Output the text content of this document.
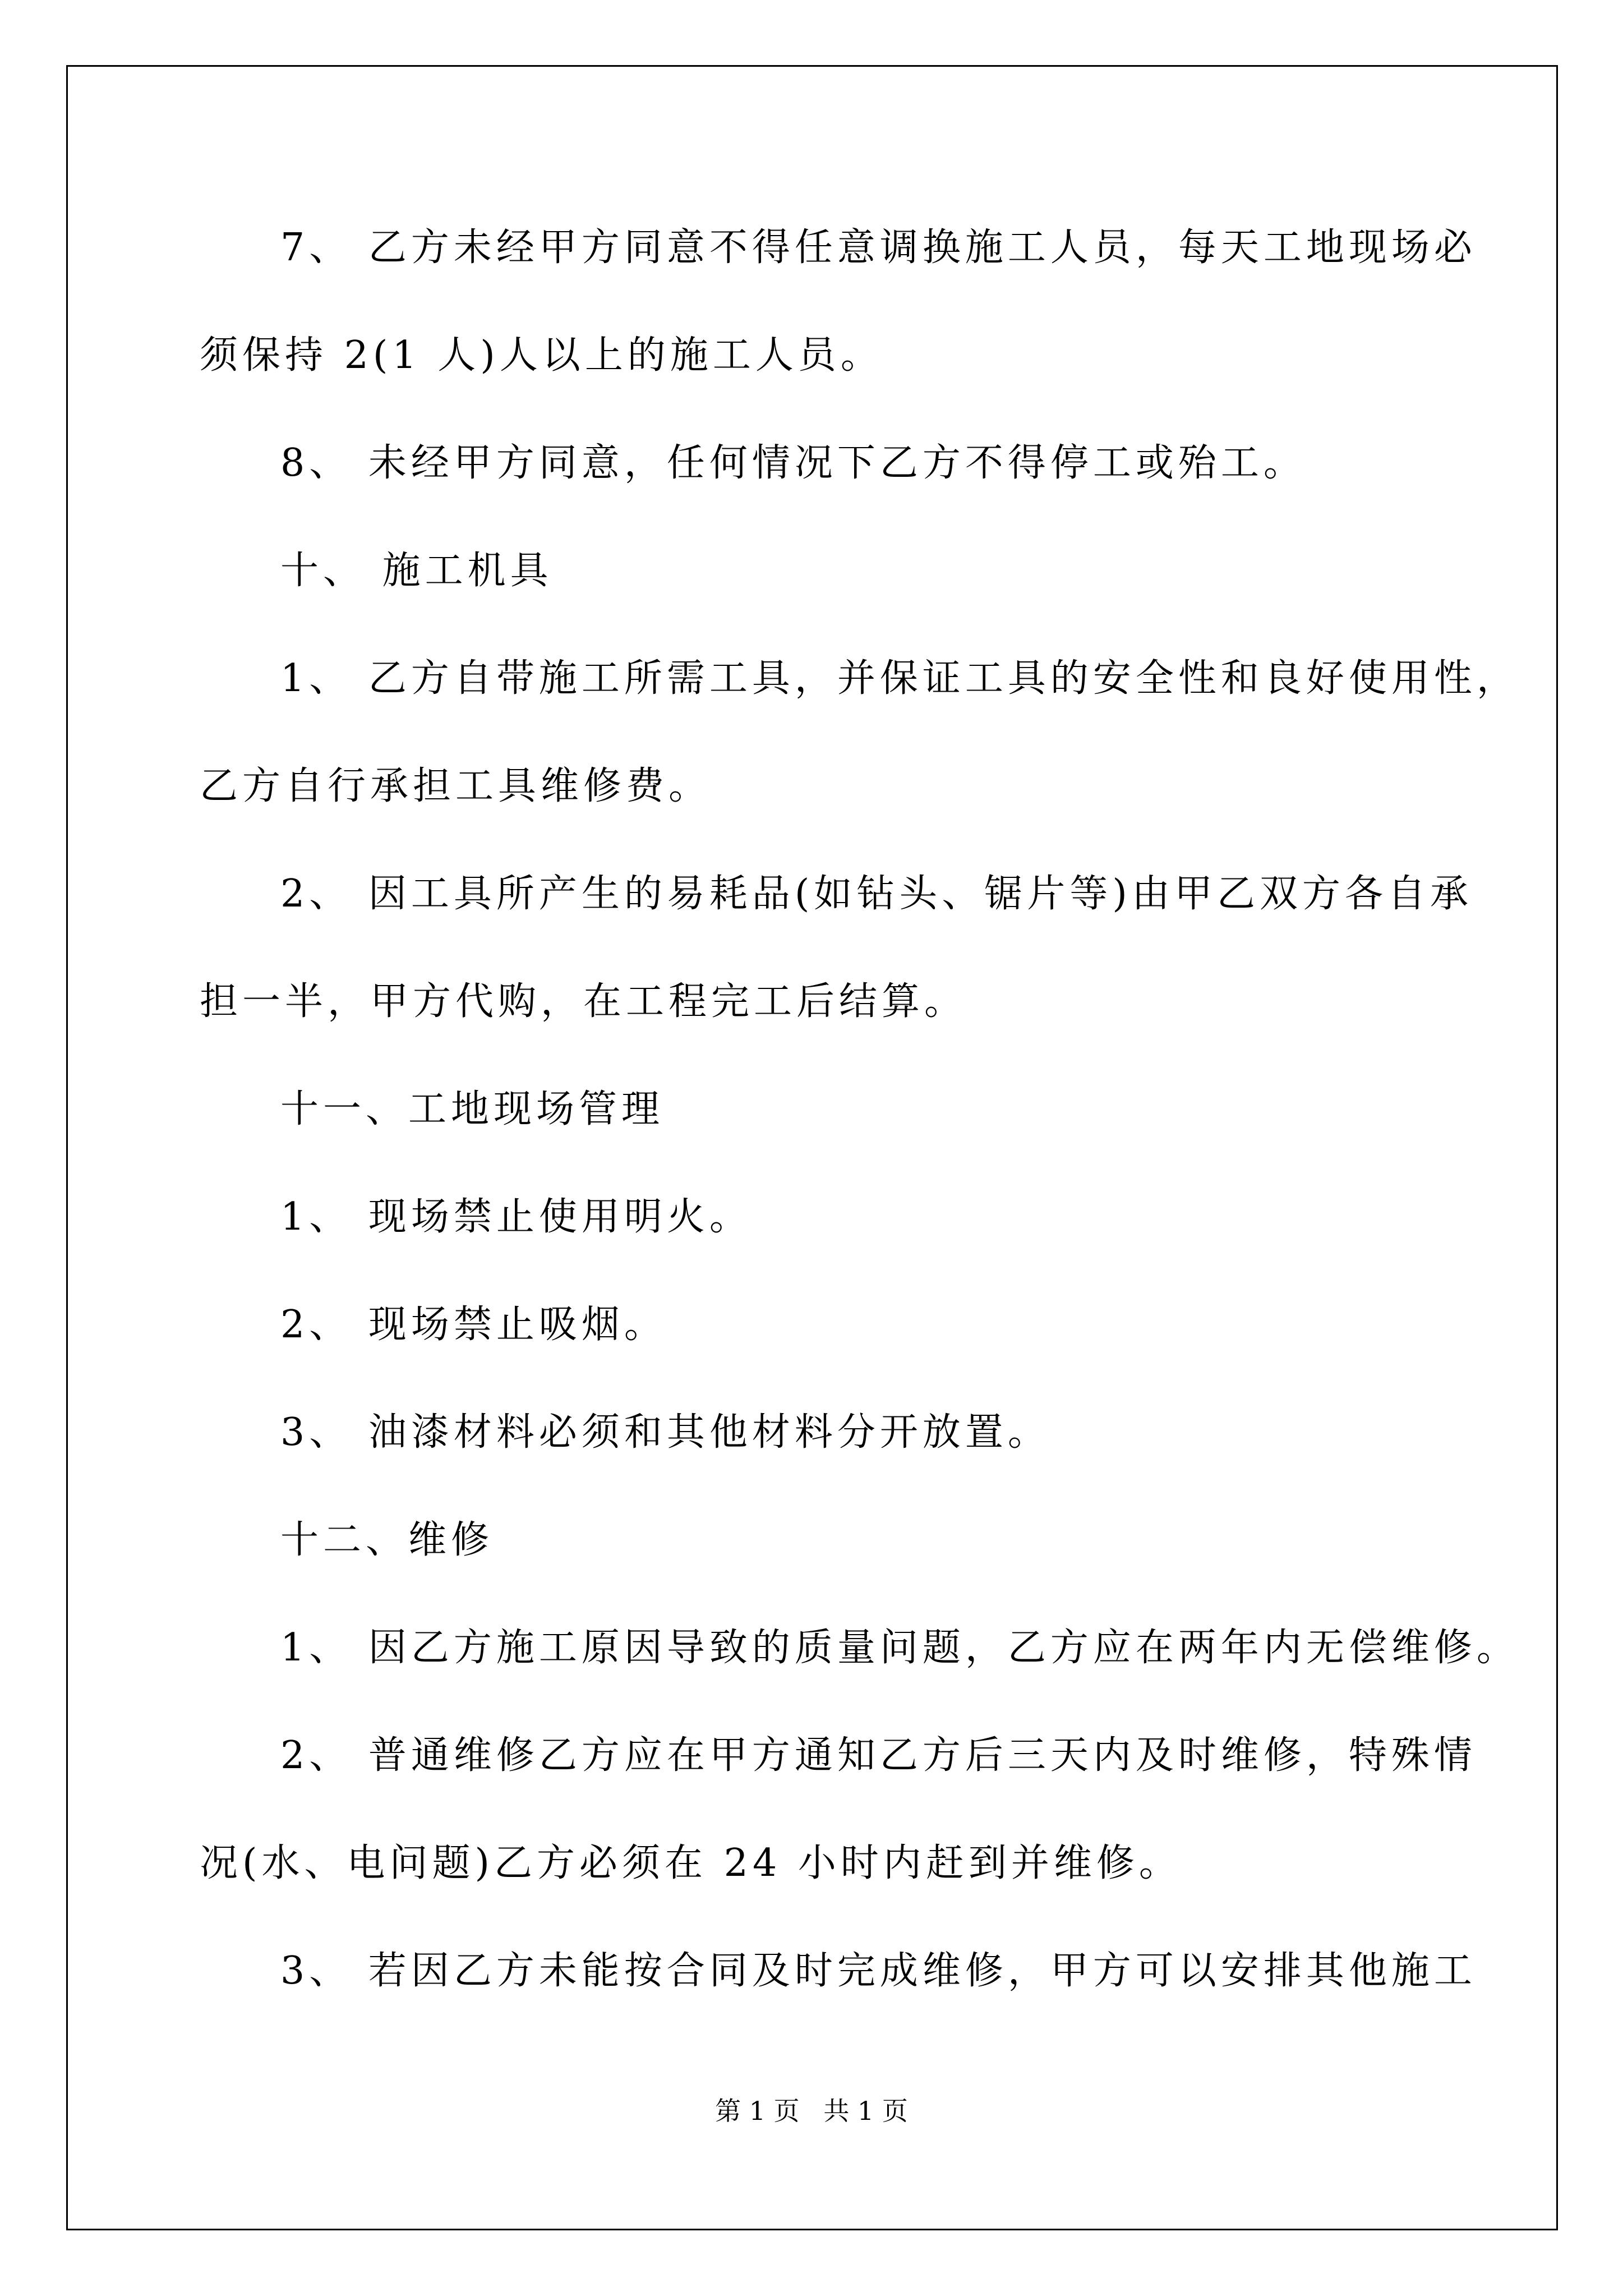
7、 乙方未经甲方同意不得任意调换施工人员，每天工地现场必
须保持 2(1 人)人以上的施工人员。
8、 未经甲方同意，任何情况下乙方不得停工或殆工。
十、 施工机具
1、 乙方自带施工所需工具，并保证工具的安全性和良好使用性，
乙方自行承担工具维修费。
2、 因工具所产生的易耗品(如钻头、锯片等)由甲乙双方各自承
担一半，甲方代购，在工程完工后结算。
十一、工地现场管理
1、 现场禁止使用明火。
2、 现场禁止吸烟。
3、 油漆材料必须和其他材料分开放置。
十二、维修
1、 因乙方施工原因导致的质量问题，乙方应在两年内无偿维修。
2、 普通维修乙方应在甲方通知乙方后三天内及时维修，特殊情
况(水、电问题)乙方必须在 24 小时内赶到并维修。
3、 若因乙方未能按合同及时完成维修，甲方可以安排其他施工
第 1 页 共 1 页
